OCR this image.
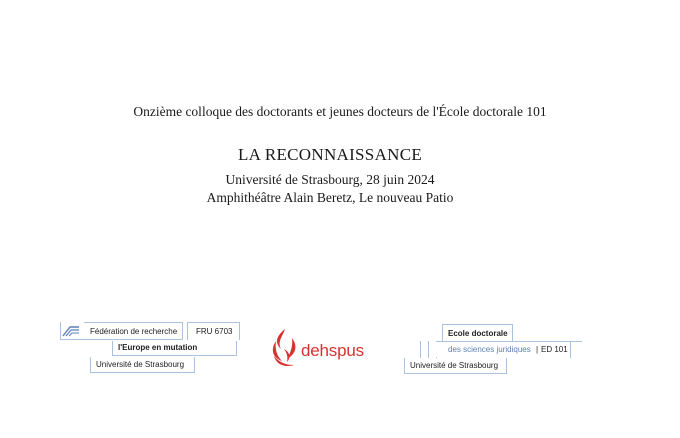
Onzième colloque des doctorants et jeunes docteurs de l'École doctorale 101
LA RECONNAISSANCE
Université de Strasbourg, 28 juin 2024
Amphithéâtre Alain Beretz, Le nouveau Patio
Fédération de recherche	FRU 6703
l'Europe en mutation
Université de Strasbourg
dehspus
Ecole doctorale
des sciences juridiques | ED 101
Université de Strasbourg
